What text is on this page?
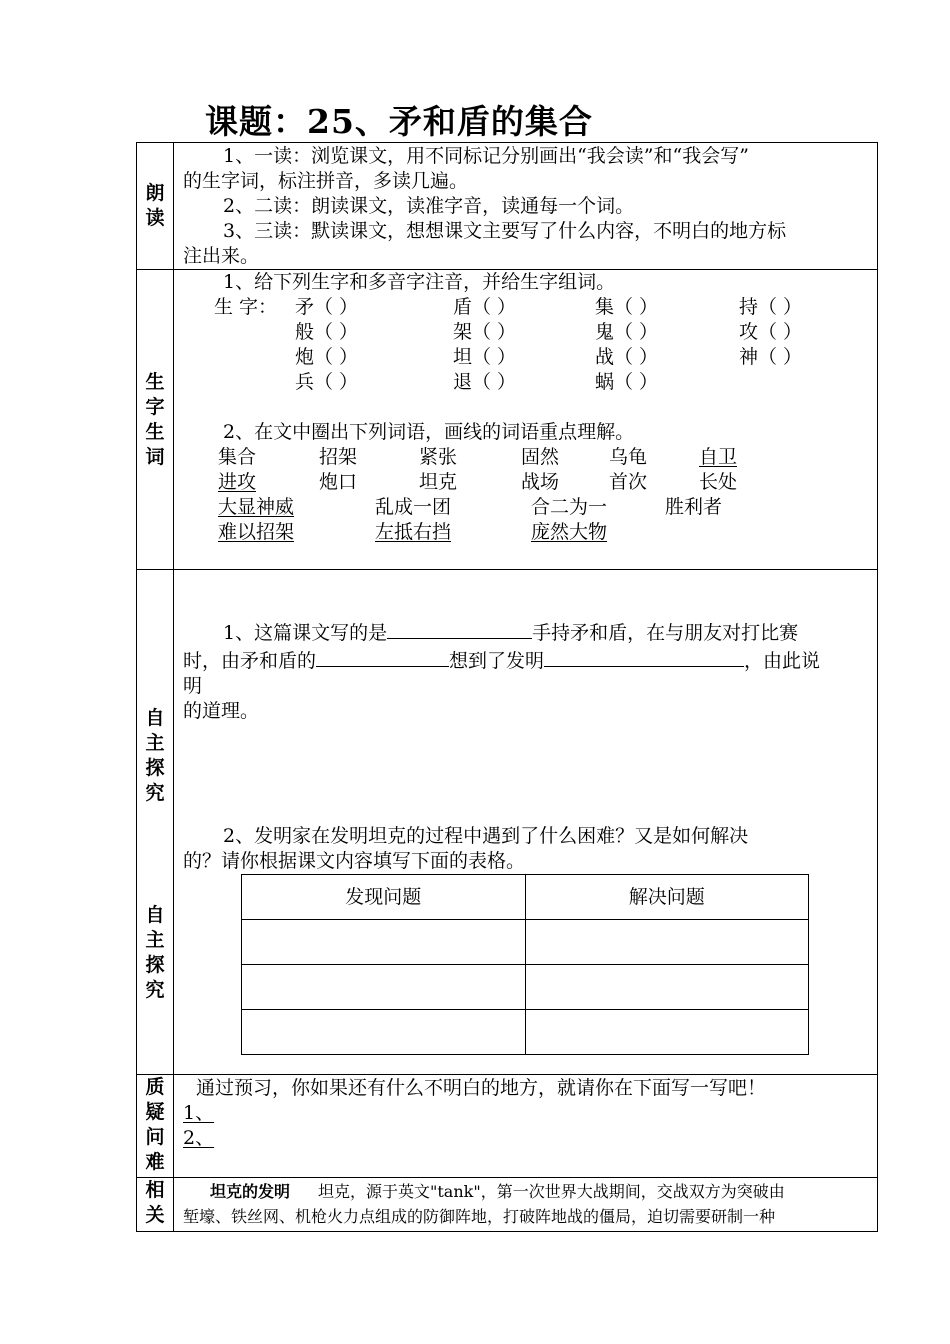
课题：25、矛和盾的集合
朗
读

1、一读：浏览课文，用不同标记分别画出“我会读”和“我会写”

的生字词，标注拼音，多读几遍。

2、二读：朗读课文，读准字音，读通每一个词。

3、三读：默读课文，想想课文主要写了什么内容，不明白的地方标

注出来。

生
字
生
词

1、给下列生字和多音字注音，并给生字组词。

生 字： 矛（ ）	盾（ ）	集（ ）	持（ ）
般（ ）	架（ ）	鬼（ ）	攻（ ）
炮（ ）	坦（ ）	战（ ）	神（ ）
兵（ ）	退（ ）	蜗（ ）

2、在文中圈出下列词语，画线的词语重点理解。

集合	招架	紧张	固然	乌龟	自卫
进攻	炮口	坦克	战场	首次	长处
大显神威	乱成一团	合二为一	胜利者
难以招架	左抵右挡	庞然大物

自
主
探
究
自
主
探
究

1、这篇课文写的是	手持矛和盾，在与朋友对打比赛

时，由矛和盾的	想到了发明	，由此说

明

的道理。

2、发明家在发明坦克的过程中遇到了什么困难？又是如何解决

的？请你根据课文内容填写下面的表格。

发现问题	解决问题

质
疑
问
难

通过预习，你如果还有什么不明白的地方，就请你在下面写一写吧！

1、

2、

相
关

坦克的发明 坦克，源于英文"tank"，第一次世界大战期间，交战双方为突破由

堑壕、铁丝网、机枪火力点组成的防御阵地，打破阵地战的僵局，迫切需要研制一种
